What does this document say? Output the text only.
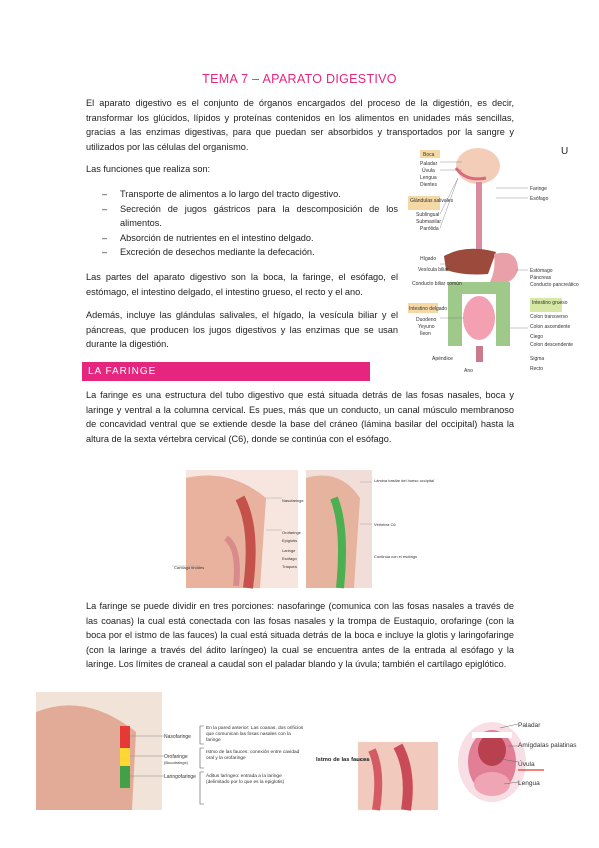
TEMA 7 – APARATO DIGESTIVO

El aparato digestivo es el conjunto de órganos encargados del proceso de la digestión, es decir, transformar los glúcidos, lípidos y proteínas contenidos en los alimentos en unidades más sencillas, gracias a las enzimas digestivas, para que puedan ser absorbidos y transportados por la sangre y utilizados por las células del organismo.	U

Las funciones que realiza son:

– Transporte de alimentos a lo largo del tracto digestivo.
– Secreción de jugos gástricos para la descomposición de los alimentos.
– Absorción de nutrientes en el intestino delgado.
– Excreción de desechos mediante la defecación.

Las partes del aparato digestivo son la boca, la faringe, el esófago, el estómago, el intestino delgado, el intestino grueso, el recto y el ano.

Además, incluye las glándulas salivales, el hígado, la vesícula biliar y el páncreas, que producen los jugos digestivos y las enzimas que se usan durante la digestión.

Boca
Paladar
Úvula
Lengua
Dientes
Glándulas salivales
Sublingual
Submaxilar
Parótida
Hígado
Vesícula biliar
Conducto biliar común
Intestino delgado
Duodeno
Yeyuno
Íleon
Apéndice
Ano
Faringe
Esófago
Estómago
Páncreas
Conducto pancreático
Intestino grueso
Colon transverso
Colon ascendente
Ciego
Colon descendente
Sigma
Recto
LA FARINGE

La faringe es una estructura del tubo digestivo que está situada detrás de las fosas nasales, boca y laringe y ventral a la columna cervical. Es pues, más que un conducto, un canal músculo membranoso de concavidad ventral que se extiende desde la base del cráneo (lámina basilar del occipital) hasta la altura de la sexta vértebra cervical (C6), donde se continúa con el esófago.

Cartílago tiroides
Nasofaringe
Orofaringe
Epiglotis
Laringe
Esófago
Tráquea
Lámina basilar del hueso occipital
Vértebra C6
Continúa con el esófago

La faringe se puede dividir en tres porciones: nasofaringe (comunica con las fosas nasales a través de las coanas) la cual está conectada con las fosas nasales y la trompa de Eustaquio, orofaringe (con la boca por el istmo de las fauces) la cual está situada detrás de la boca e incluye la glotis y laringofaringe (con la laringe a través del ádito laríngeo) la cual se encuentra antes de la entrada al esófago y la laringe. Los límites de craneal a caudal son el paladar blando y la úvula; también el cartílago epiglótico.

Nasofaringe
Orofaringe
(Bucofaringe)
Laringofaringe
En la pared anterior: Las coanas, dos orificios que comunican las fosas nasales con la faringe
Istmo de las fauces: conexión entre cavidad oral y la orofaringe
Áditus laríngeo: entrada a la laringe (delimitado por lo que es la epiglotis)
Istmo de las fauces
Paladar
Amígdalas palatinas
Úvula
Lengua
